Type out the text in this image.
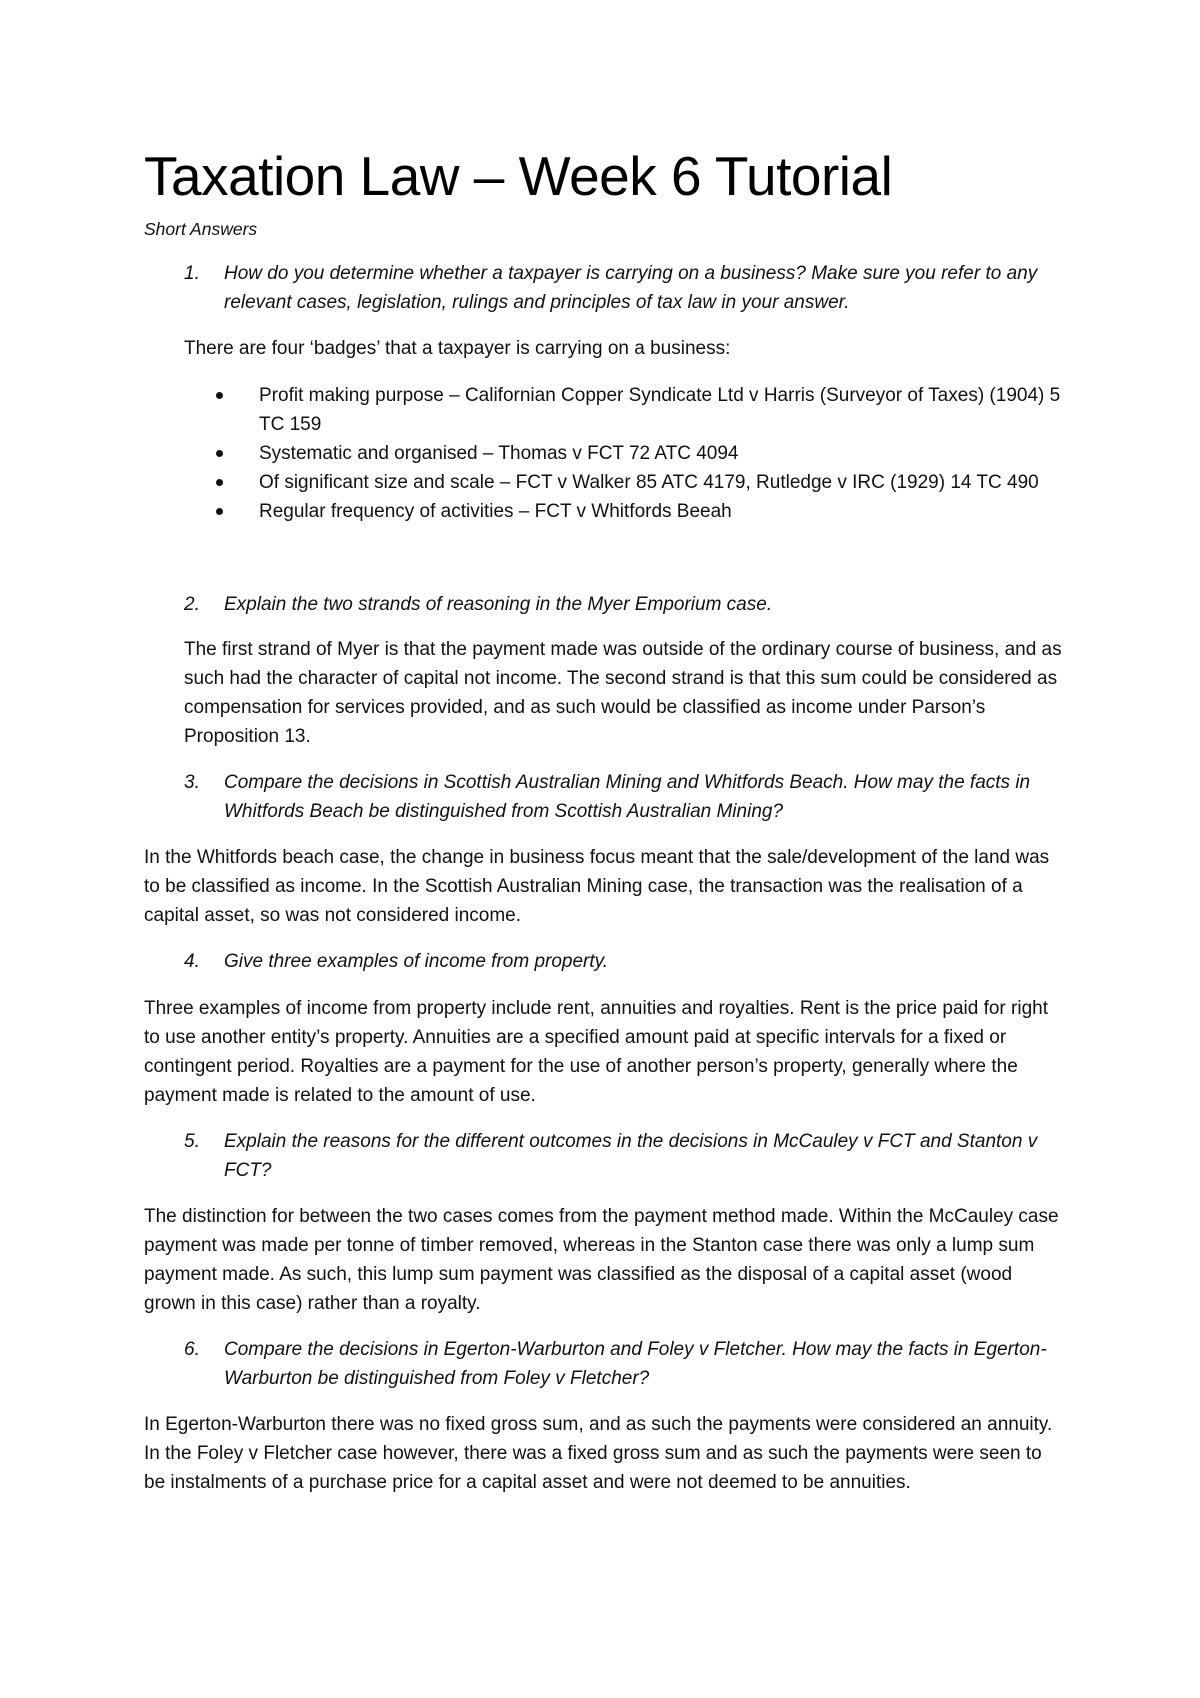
Taxation Law – Week 6 Tutorial
Short Answers
1.	How do you determine whether a taxpayer is carrying on a business? Make sure you refer to any relevant cases, legislation, rulings and principles of tax law in your answer.

There are four ‘badges’ that a taxpayer is carrying on a business:

Profit making purpose – Californian Copper Syndicate Ltd v Harris (Surveyor of Taxes) (1904) 5 TC 159
Systematic and organised – Thomas v FCT 72 ATC 4094
Of significant size and scale – FCT v Walker 85 ATC 4179, Rutledge v IRC (1929) 14 TC 490
Regular frequency of activities – FCT v Whitfords Beeah
2.	Explain the two strands of reasoning in the Myer Emporium case.

The first strand of Myer is that the payment made was outside of the ordinary course of business, and as such had the character of capital not income. The second strand is that this sum could be considered as compensation for services provided, and as such would be classified as income under Parson’s Proposition 13.

3.	Compare the decisions in Scottish Australian Mining and Whitfords Beach. How may the facts in Whitfords Beach be distinguished from Scottish Australian Mining?

In the Whitfords beach case, the change in business focus meant that the sale/development of the land was to be classified as income. In the Scottish Australian Mining case, the transaction was the realisation of a capital asset, so was not considered income.

4.	Give three examples of income from property.

Three examples of income from property include rent, annuities and royalties. Rent is the price paid for right to use another entity’s property. Annuities are a specified amount paid at specific intervals for a fixed or contingent period. Royalties are a payment for the use of another person’s property, generally where the payment made is related to the amount of use.

5.	Explain the reasons for the different outcomes in the decisions in McCauley v FCT and Stanton v FCT?

The distinction for between the two cases comes from the payment method made. Within the McCauley case payment was made per tonne of timber removed, whereas in the Stanton case there was only a lump sum payment made. As such, this lump sum payment was classified as the disposal of a capital asset (wood grown in this case) rather than a royalty.

6.	Compare the decisions in Egerton-Warburton and Foley v Fletcher. How may the facts in Egerton-Warburton be distinguished from Foley v Fletcher?

In Egerton-Warburton there was no fixed gross sum, and as such the payments were considered an annuity. In the Foley v Fletcher case however, there was a fixed gross sum and as such the payments were seen to be instalments of a purchase price for a capital asset and were not deemed to be annuities.
